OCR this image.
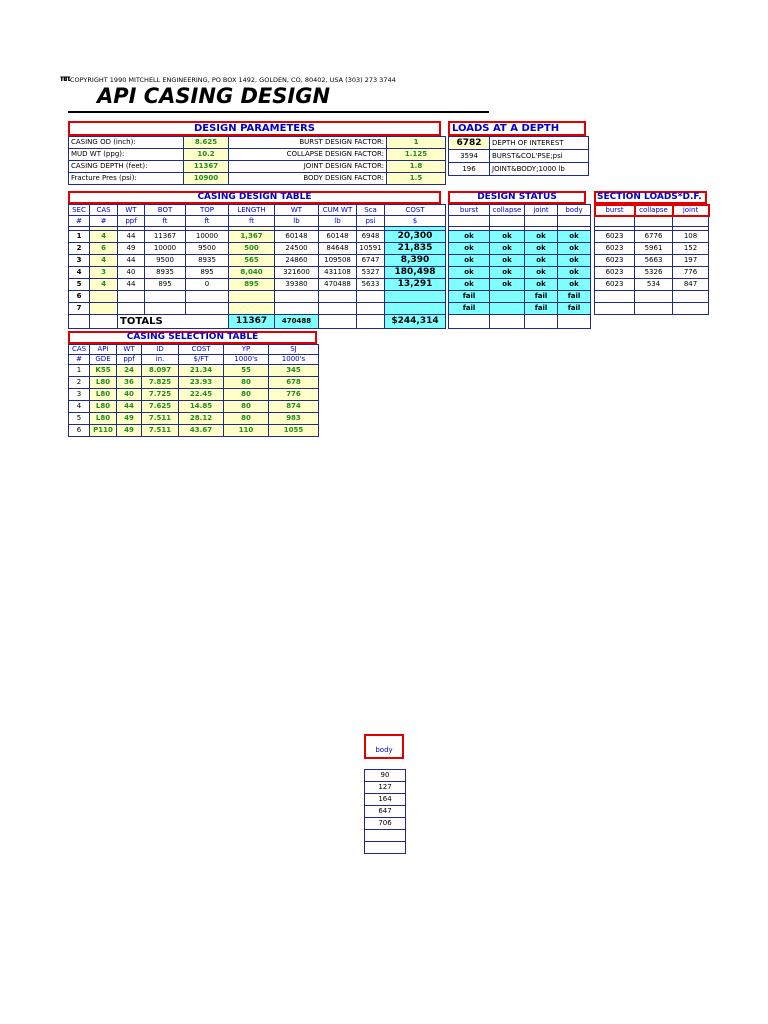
ππ COPYRIGHT 1990 MITCHELL ENGINEERING, PO BOX 1492, GOLDEN, CO, 80402, USA (303) 273 3744
API CASING DESIGN
DESIGN PARAMETERS
CASING OD (inch):	8.625	BURST DESIGN FACTOR:	1
MUD WT (ppg):	10.2	COLLAPSE DESIGN FACTOR:	1.125
CASING DEPTH (feet):	11367	JOINT DESIGN FACTOR:	1.8
Fracture Pres (psi):	10900	BODY DESIGN FACTOR:	1.5
LOADS AT A DEPTH
6782	DEPTH OF INTEREST
3594	BURST&COL'PSE;psi
196	JOINT&BODY;1000 lb
CASING DESIGN TABLE
SEC	CAS	WT	BOT	TOP	LENGTH	WT	CUM WT	Sca	COST
#	#	ppf	ft	ft	ft	lb	lb	psi	$

1	4	44	11367	10000	1,367	60148	60148	6948	20,300
2	6	49	10000	9500	500	24500	84648	10591	21,835
3	4	44	9500	8935	565	24860	109508	6747	8,390
4	3	40	8935	895	8,040	321600	431108	5327	180,498
5	4	44	895	0	895	39380	470488	5633	13,291
6									
7									
		TOTALS			11367	470488			$244,314
DESIGN STATUS
burst	collapse	joint	body

ok	ok	ok	ok
ok	ok	ok	ok
ok	ok	ok	ok
ok	ok	ok	ok
ok	ok	ok	ok
fail		fail	fail
fail		fail	fail

SECTION LOADS*D.F.
burst	collapse	joint

6023	6776	108
6023	5961	152
6023	5663	197
6023	5326	776
6023	534	847

CASING SELECTION TABLE
CAS	API	WT	ID	COST	YP	SJ
#	GDE	ppf	in.	$/FT	1000's	1000's
1	K55	24	8.097	21.34	55	345
2	L80	36	7.825	23.93	80	678
3	L80	40	7.725	22.45	80	776
4	L80	44	7.625	14.85	80	874
5	L80	49	7.511	28.12	80	983
6	P110	49	7.511	43.67	110	1055
body
90
127
164
647
706
